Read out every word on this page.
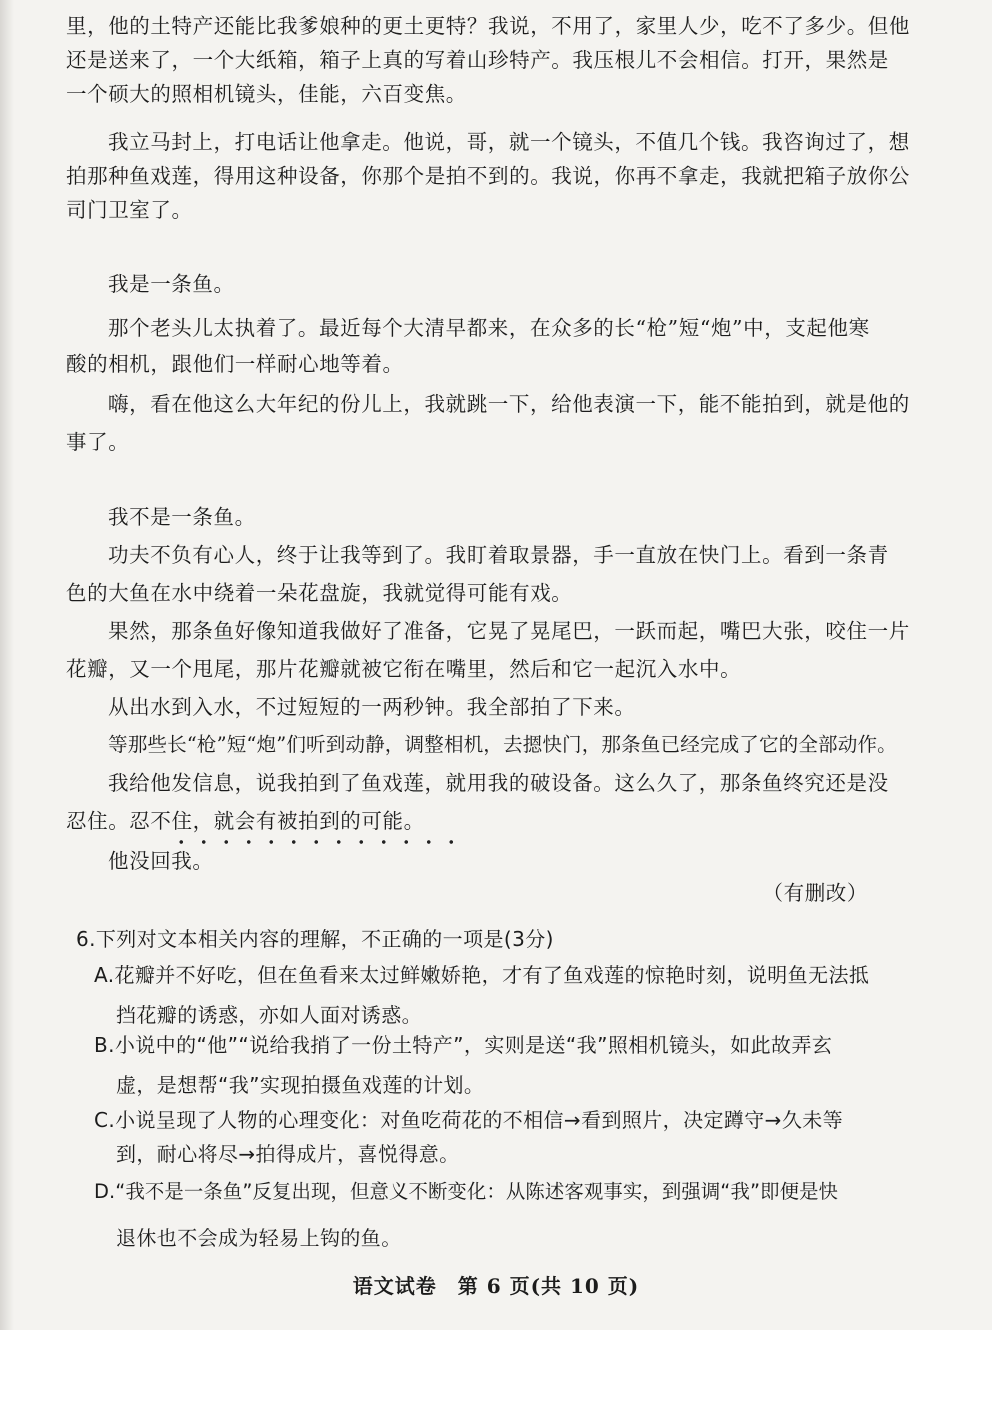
里，他的土特产还能比我爹娘种的更土更特？我说，不用了，家里人少，吃不了多少。但他
还是送来了，一个大纸箱，箱子上真的写着山珍特产。我压根儿不会相信。打开，果然是
一个硕大的照相机镜头，佳能，六百变焦。
我立马封上，打电话让他拿走。他说，哥，就一个镜头，不值几个钱。我咨询过了，想
拍那种鱼戏莲，得用这种设备，你那个是拍不到的。我说，你再不拿走，我就把箱子放你公
司门卫室了。
我是一条鱼。
那个老头儿太执着了。最近每个大清早都来，在众多的长“枪”短“炮”中，支起他寒
酸的相机，跟他们一样耐心地等着。
嗨，看在他这么大年纪的份儿上，我就跳一下，给他表演一下，能不能拍到，就是他的
事了。
我不是一条鱼。
功夫不负有心人，终于让我等到了。我盯着取景器，手一直放在快门上。看到一条青
色的大鱼在水中绕着一朵花盘旋，我就觉得可能有戏。
果然，那条鱼好像知道我做好了准备，它晃了晃尾巴，一跃而起，嘴巴大张，咬住一片
花瓣，又一个甩尾，那片花瓣就被它衔在嘴里，然后和它一起沉入水中。
从出水到入水，不过短短的一两秒钟。我全部拍了下来。
等那些长“枪”短“炮”们听到动静，调整相机，去摁快门，那条鱼已经完成了它的全部动作。
我给他发信息，说我拍到了鱼戏莲，就用我的破设备。这么久了，那条鱼终究还是没
忍住。忍不住，就会有被拍到的可能。
他没回我。
（有删改）
6.下列对文本相关内容的理解，不正确的一项是(3分)
A.花瓣并不好吃，但在鱼看来太过鲜嫩娇艳，才有了鱼戏莲的惊艳时刻，说明鱼无法抵
挡花瓣的诱惑，亦如人面对诱惑。
B.小说中的“他”“说给我捎了一份土特产”，实则是送“我”照相机镜头，如此故弄玄
虚，是想帮“我”实现拍摄鱼戏莲的计划。
C.小说呈现了人物的心理变化：对鱼吃荷花的不相信→看到照片，决定蹲守→久未等
到，耐心将尽→拍得成片，喜悦得意。
D.“我不是一条鱼”反复出现，但意义不断变化：从陈述客观事实，到强调“我”即便是快
退休也不会成为轻易上钩的鱼。
语文试卷　第 6 页(共 10 页)
